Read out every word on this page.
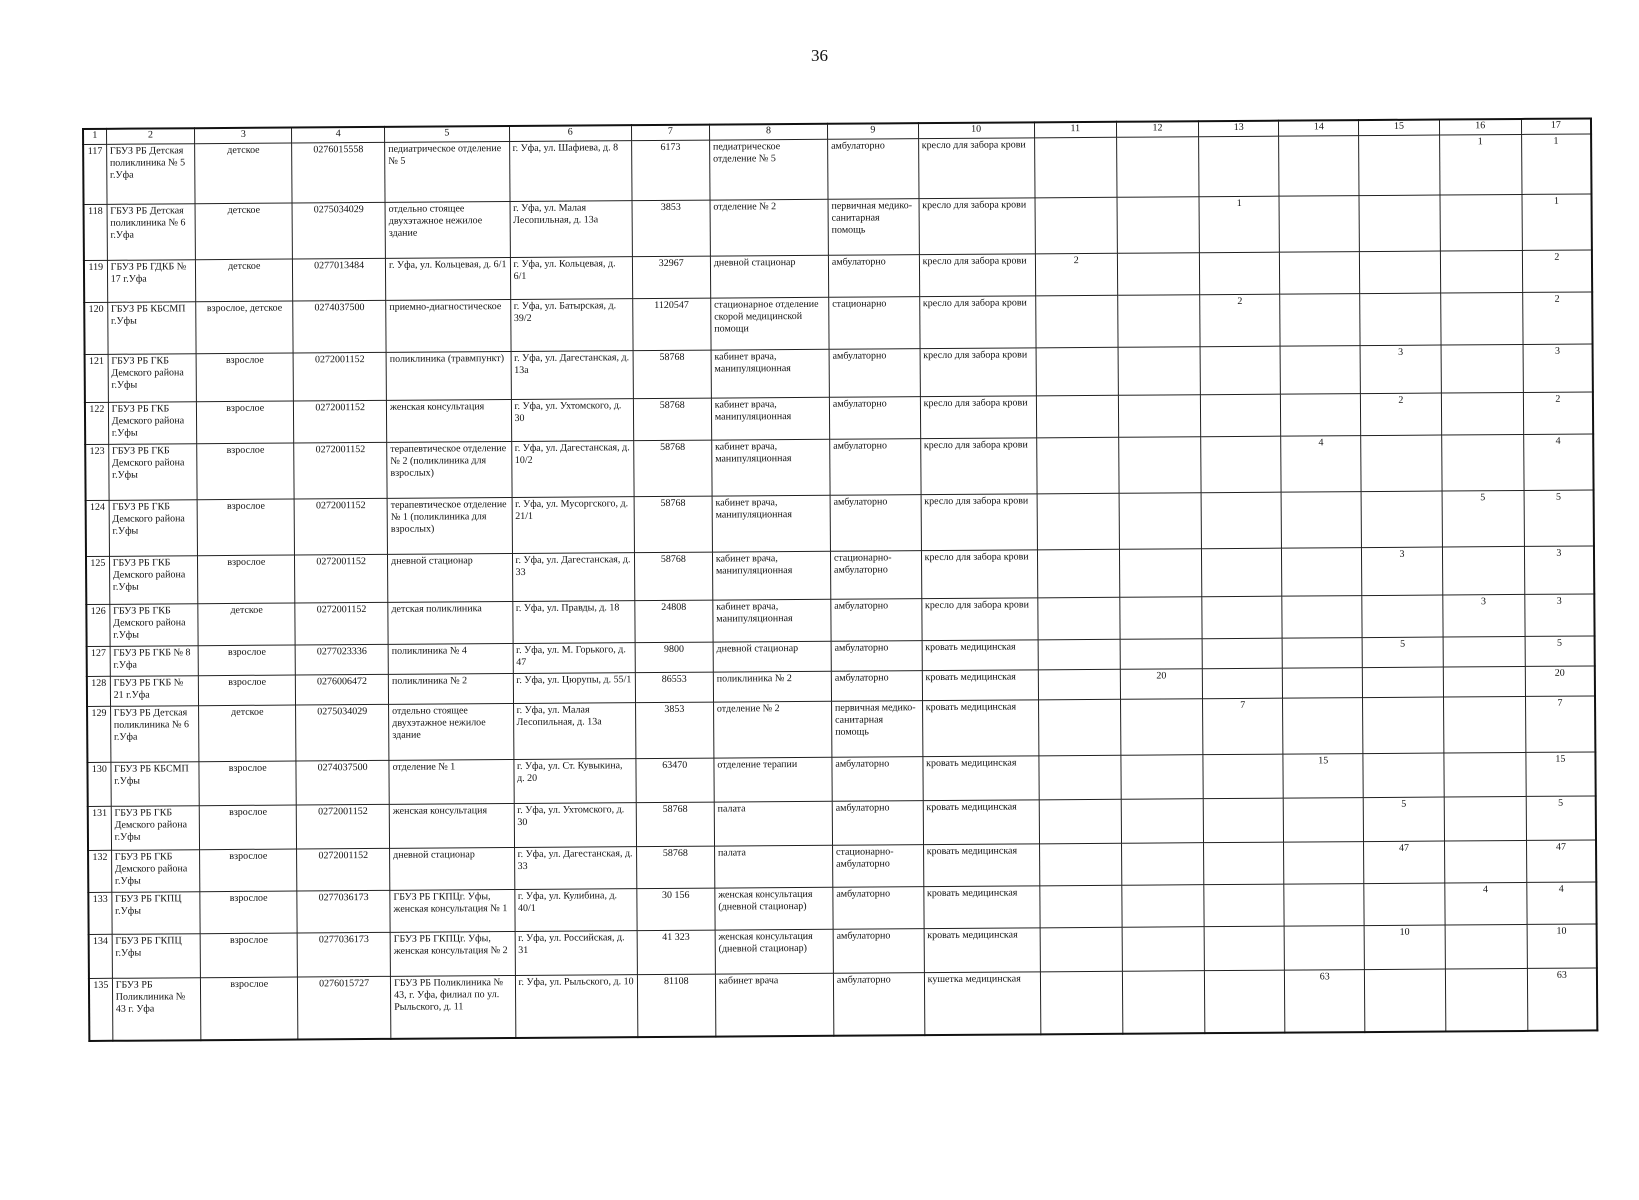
36
1	2	3	4	5	6	7	8	9	10	11	12	13	14	15	16	17
117	ГБУЗ РБ Детская поликлиника № 5 г.Уфа	детское	0276015558	педиатрическое отделение № 5	г. Уфа, ул. Шафиева, д. 8	6173	педиатрическое отделение № 5	амбулаторно	кресло для забора крови						1	1
118	ГБУЗ РБ Детская поликлиника № 6 г.Уфа	детское	0275034029	отдельно стоящее двухэтажное нежилое здание	г. Уфа, ул. Малая Лесопильная, д. 13а	3853	отделение № 2	первичная медико-санитарная помощь	кресло для забора крови			1				1
119	ГБУЗ РБ ГДКБ № 17 г.Уфа	детское	0277013484	г. Уфа, ул. Кольцевая, д. 6/1	г. Уфа, ул. Кольцевая, д. 6/1	32967	дневной стационар	амбулаторно	кресло для забора крови	2						2
120	ГБУЗ РБ КБСМП г.Уфы	взрослое, детское	0274037500	приемно-диагностическое	г. Уфа, ул. Батырская, д. 39/2	1120547	стационарное отделение скорой медицинской помощи	стационарно	кресло для забора крови			2				2
121	ГБУЗ РБ ГКБ Демского района г.Уфы	взрослое	0272001152	поликлиника (травмпункт)	г. Уфа, ул. Дагестанская, д. 13а	58768	кабинет врача, манипуляционная	амбулаторно	кресло для забора крови					3		3
122	ГБУЗ РБ ГКБ Демского района г.Уфы	взрослое	0272001152	женская консультация	г. Уфа, ул. Ухтомского, д. 30	58768	кабинет врача, манипуляционная	амбулаторно	кресло для забора крови					2		2
123	ГБУЗ РБ ГКБ Демского района г.Уфы	взрослое	0272001152	терапевтическое отделение № 2 (поликлиника для взрослых)	г. Уфа, ул. Дагестанская, д. 10/2	58768	кабинет врача, манипуляционная	амбулаторно	кресло для забора крови				4			4
124	ГБУЗ РБ ГКБ Демского района г.Уфы	взрослое	0272001152	терапевтическое отделение № 1 (поликлиника для взрослых)	г. Уфа, ул. Мусоргского, д. 21/1	58768	кабинет врача, манипуляционная	амбулаторно	кресло для забора крови						5	5
125	ГБУЗ РБ ГКБ Демского района г.Уфы	взрослое	0272001152	дневной стационар	г. Уфа, ул. Дагестанская, д. 33	58768	кабинет врача, манипуляционная	стационарно-амбулаторно	кресло для забора крови					3		3
126	ГБУЗ РБ ГКБ Демского района г.Уфы	детское	0272001152	детская поликлиника	г. Уфа, ул. Правды, д. 18	24808	кабинет врача, манипуляционная	амбулаторно	кресло для забора крови						3	3
127	ГБУЗ РБ ГКБ № 8 г.Уфа	взрослое	0277023336	поликлиника № 4	г. Уфа, ул. М. Горького, д. 47	9800	дневной стационар	амбулаторно	кровать медицинская					5		5
128	ГБУЗ РБ ГКБ № 21 г.Уфа	взрослое	0276006472	поликлиника № 2	г. Уфа, ул. Цюрупы, д. 55/1	86553	поликлиника № 2	амбулаторно	кровать медицинская		20					20
129	ГБУЗ РБ Детская поликлиника № 6 г.Уфа	детское	0275034029	отдельно стоящее двухэтажное нежилое здание	г. Уфа, ул. Малая Лесопильная, д. 13а	3853	отделение № 2	первичная медико-санитарная помощь	кровать медицинская			7				7
130	ГБУЗ РБ КБСМП г.Уфы	взрослое	0274037500	отделение № 1	г. Уфа, ул. Ст. Кувыкина, д. 20	63470	отделение терапии	амбулаторно	кровать медицинская				15			15
131	ГБУЗ РБ ГКБ Демского района г.Уфы	взрослое	0272001152	женская консультация	г. Уфа, ул. Ухтомского, д. 30	58768	палата	амбулаторно	кровать медицинская					5		5
132	ГБУЗ РБ ГКБ Демского района г.Уфы	взрослое	0272001152	дневной стационар	г. Уфа, ул. Дагестанская, д. 33	58768	палата	стационарно-амбулаторно	кровать медицинская					47		47
133	ГБУЗ РБ ГКПЦ г.Уфы	взрослое	0277036173	ГБУЗ РБ ГКПЦг. Уфы, женская консультация № 1	г. Уфа, ул. Кулибина, д. 40/1	30 156	женская консультация (дневной стационар)	амбулаторно	кровать медицинская						4	4
134	ГБУЗ РБ ГКПЦ г.Уфы	взрослое	0277036173	ГБУЗ РБ ГКПЦг. Уфы, женская консультация № 2	г. Уфа, ул. Российская, д. 31	41 323	женская консультация (дневной стационар)	амбулаторно	кровать медицинская					10		10
135	ГБУЗ РБ Поликлиника № 43 г. Уфа	взрослое	0276015727	ГБУЗ РБ Поликлиника № 43, г. Уфа, филиал по ул. Рыльского, д. 11	г. Уфа, ул. Рыльского, д. 10	81108	кабинет врача	амбулаторно	кушетка медицинская				63			63
